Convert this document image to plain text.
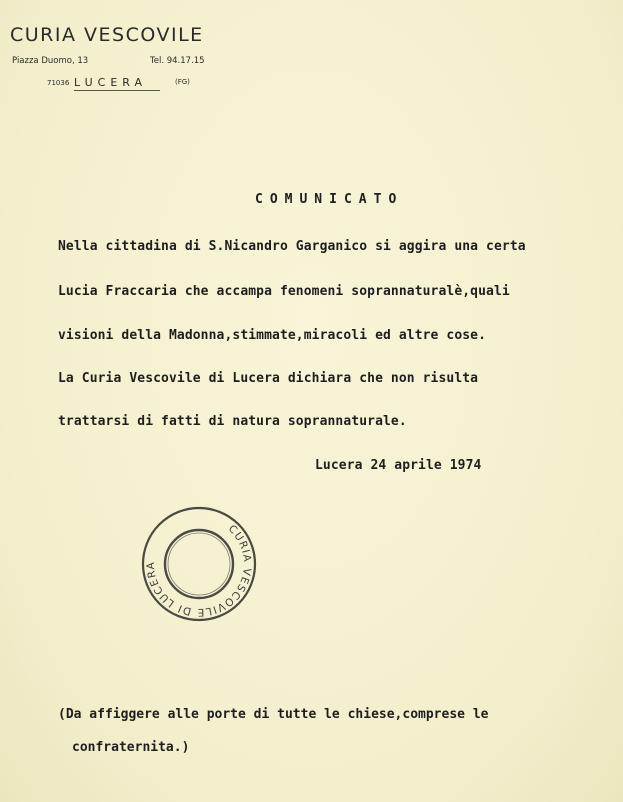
CURIA VESCOVILE
Piazza Duomo, 13	Tel. 94.17.15
71036 LUCERA	(FG)
COMUNICATO
Nella cittadina di S.Nicandro Garganico si aggira una certa
Lucia Fraccaria che accampa fenomeni soprannaturalè,quali
visioni della Madonna,stimmate,miracoli ed altre cose.
La Curia Vescovile di Lucera dichiara che non risulta
trattarsi di fatti di natura soprannaturale.
Lucera 24 aprile 1974
CURIA VESCOVILE DI LUCERA
(Da affiggere alle porte di tutte le chiese,comprese le
confraternita.)
